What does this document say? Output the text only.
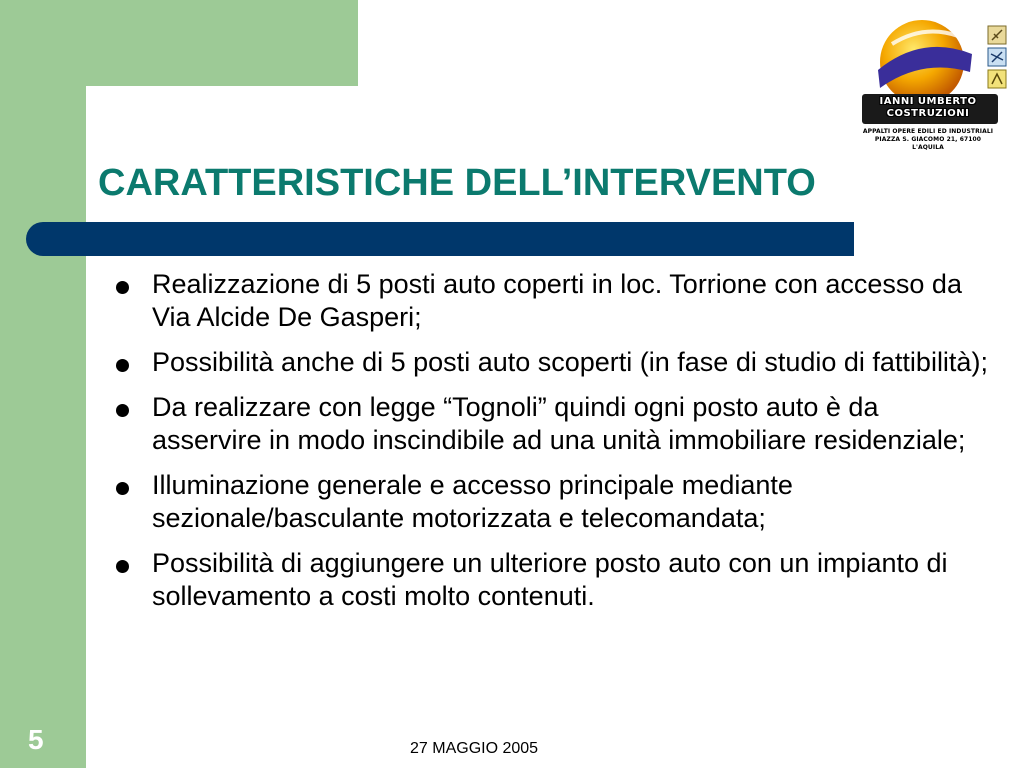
IANNI UMBERTO
COSTRUZIONI
APPALTI OPERE EDILI ED INDUSTRIALI
PIAZZA S. GIACOMO 21, 67100 L'AQUILA
CARATTERISTICHE DELL’INTERVENTO
Realizzazione di 5 posti auto coperti in loc. Torrione con accesso da Via Alcide De Gasperi;
Possibilità anche di 5 posti auto scoperti (in fase di studio di fattibilità);
Da realizzare con legge “Tognoli” quindi ogni posto auto è da asservire in modo inscindibile ad una unità immobiliare residenziale;
Illuminazione generale e accesso principale mediante sezionale/basculante motorizzata e telecomandata;
Possibilità di aggiungere un ulteriore posto auto con un impianto di sollevamento a costi molto contenuti.
5	27 MAGGIO 2005
